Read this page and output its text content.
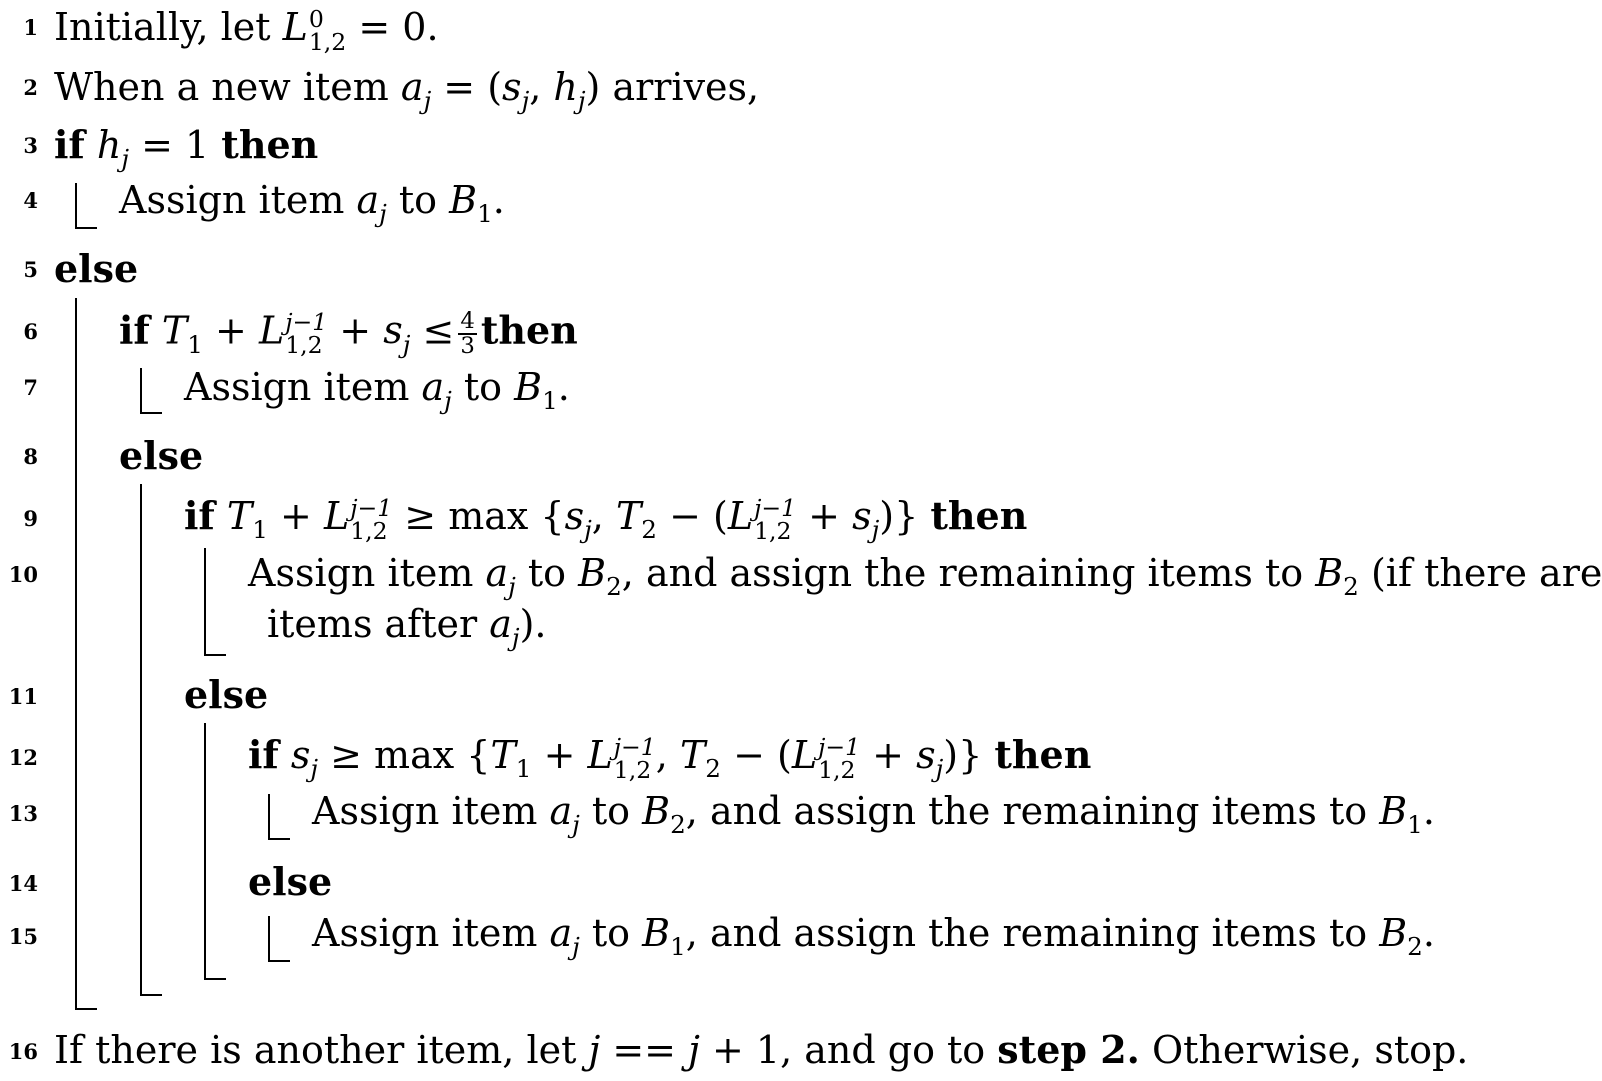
1
2
3
4
5
6
7
8
9
10
11
12
13
14
15
16
Initially, let L 0
1,2 = 0.
When a new item $a_j = (s_j$, $h_j$) arrives,
if $h_j = 1$ then
Assign item $a_j$ to $B_1$.
else
if $T_1 + L$ j−1
$1,2 + s_j \le \frac{4}{3}$ then
Assign item $a_j$ to $B_1$.
else
if $T_1 + L$ j−1
$1,2 \ge \max \{s_j$, $T_2 - (L$ j−1
$1,2 + s_j$)} then
Assign item $a_j$ to $B_2$, and assign the remaining items to $B_2$ (if there are
items after $a_j$).
else
if $s_j \ge \max \{T_1 + L$ j−1
1,2 , $T_2 - (L$ j−1
$1,2 + s_j$)} then
Assign item $a_j$ to $B_2$, and assign the remaining items to $B_1$.
else
Assign item $a_j$ to $B_1$, and assign the remaining items to $B_2$.
If there is another item, let j == j + 1, and go to step 2. Otherwise, stop.
